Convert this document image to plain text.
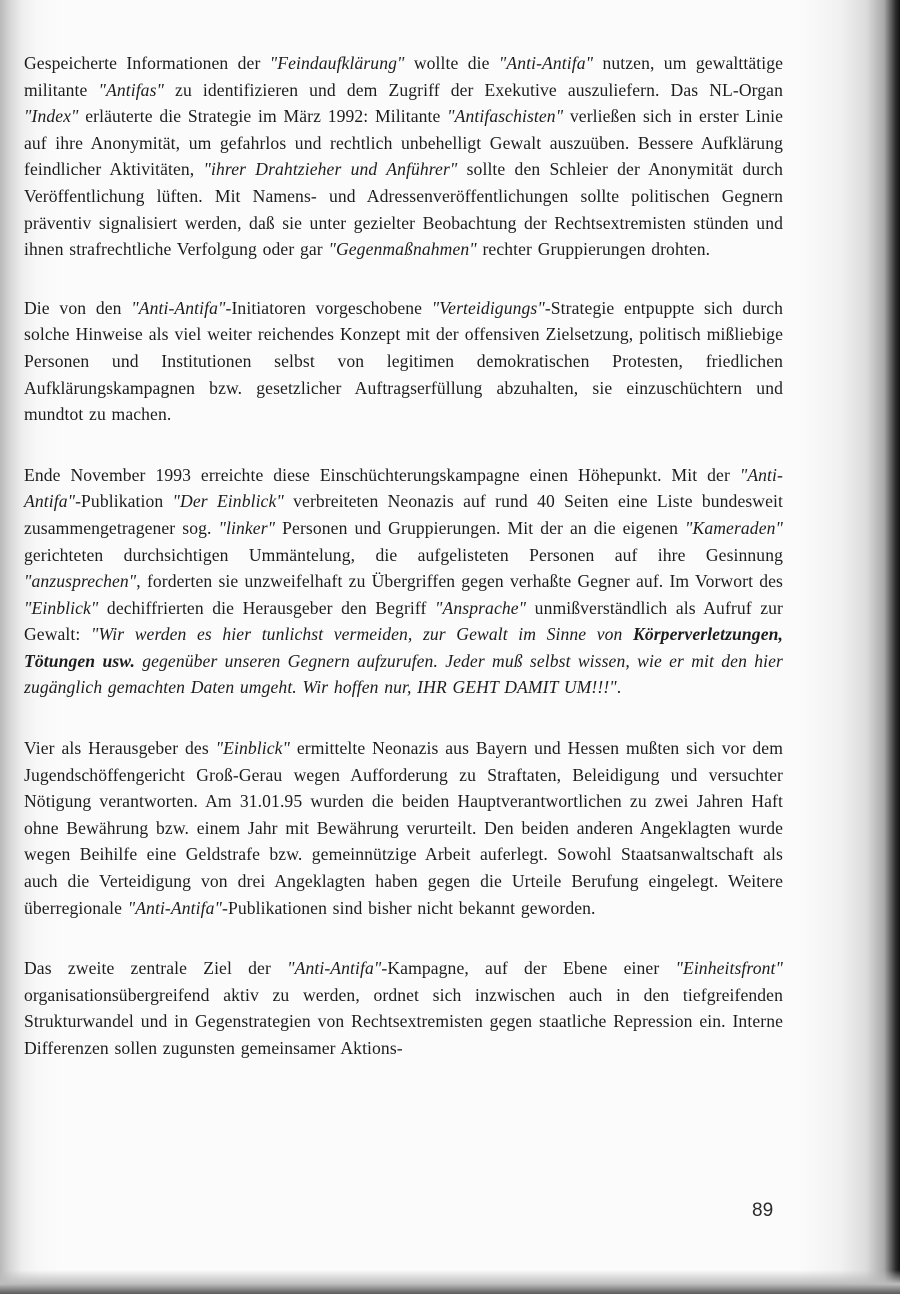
Gespeicherte Informationen der "Feindaufklärung" wollte die "Anti-Antifa" nutzen, um gewalttätige militante "Antifas" zu identifizieren und dem Zugriff der Exekutive auszuliefern. Das NL-Organ "Index" erläuterte die Strategie im März 1992: Militante "Antifaschisten" verließen sich in erster Linie auf ihre Anonymität, um gefahrlos und rechtlich unbehelligt Gewalt auszuüben. Bessere Aufklärung feindlicher Aktivitäten, "ihrer Drahtzieher und Anführer" sollte den Schleier der Anonymität durch Veröffentlichung lüften. Mit Namens- und Adressenveröffentlichungen sollte politischen Gegnern präventiv signalisiert werden, daß sie unter gezielter Beobachtung der Rechtsextremisten stünden und ihnen strafrechtliche Verfolgung oder gar "Gegenmaßnahmen" rechter Gruppierungen drohten.

Die von den "Anti-Antifa"-Initiatoren vorgeschobene "Verteidigungs"-Strategie entpuppte sich durch solche Hinweise als viel weiter reichendes Konzept mit der offensiven Zielsetzung, politisch mißliebige Personen und Institutionen selbst von legitimen demokratischen Protesten, friedlichen Aufklärungskampagnen bzw. gesetzlicher Auftragserfüllung abzuhalten, sie einzuschüchtern und mundtot zu machen.

Ende November 1993 erreichte diese Einschüchterungskampagne einen Höhepunkt. Mit der "Anti-Antifa"-Publikation "Der Einblick" verbreiteten Neonazis auf rund 40 Seiten eine Liste bundesweit zusammengetragener sog. "linker" Personen und Gruppierungen. Mit der an die eigenen "Kameraden" gerichteten durchsichtigen Ummäntelung, die aufgelisteten Personen auf ihre Gesinnung "anzusprechen", forderten sie unzweifelhaft zu Übergriffen gegen verhaßte Gegner auf. Im Vorwort des "Einblick" dechiffrierten die Herausgeber den Begriff "Ansprache" unmißverständlich als Aufruf zur Gewalt: "Wir werden es hier tunlichst vermeiden, zur Gewalt im Sinne von Körperverletzungen, Tötungen usw. gegenüber unseren Gegnern aufzurufen. Jeder muß selbst wissen, wie er mit den hier zugänglich gemachten Daten umgeht. Wir hoffen nur, IHR GEHT DAMIT UM!!!".

Vier als Herausgeber des "Einblick" ermittelte Neonazis aus Bayern und Hessen mußten sich vor dem Jugendschöffengericht Groß-Gerau wegen Aufforderung zu Straftaten, Beleidigung und versuchter Nötigung verantworten. Am 31.01.95 wurden die beiden Hauptverantwortlichen zu zwei Jahren Haft ohne Bewährung bzw. einem Jahr mit Bewährung verurteilt. Den beiden anderen Angeklagten wurde wegen Beihilfe eine Geldstrafe bzw. gemeinnützige Arbeit auferlegt. Sowohl Staatsanwaltschaft als auch die Verteidigung von drei Angeklagten haben gegen die Urteile Berufung eingelegt. Weitere überregionale "Anti-Antifa"-Publikationen sind bisher nicht bekannt geworden.

Das zweite zentrale Ziel der "Anti-Antifa"-Kampagne, auf der Ebene einer "Einheitsfront" organisationsübergreifend aktiv zu werden, ordnet sich inzwischen auch in den tiefgreifenden Strukturwandel und in Gegenstrategien von Rechtsextremisten gegen staatliche Repression ein. Interne Differenzen sollen zugunsten gemeinsamer Aktions-

89
